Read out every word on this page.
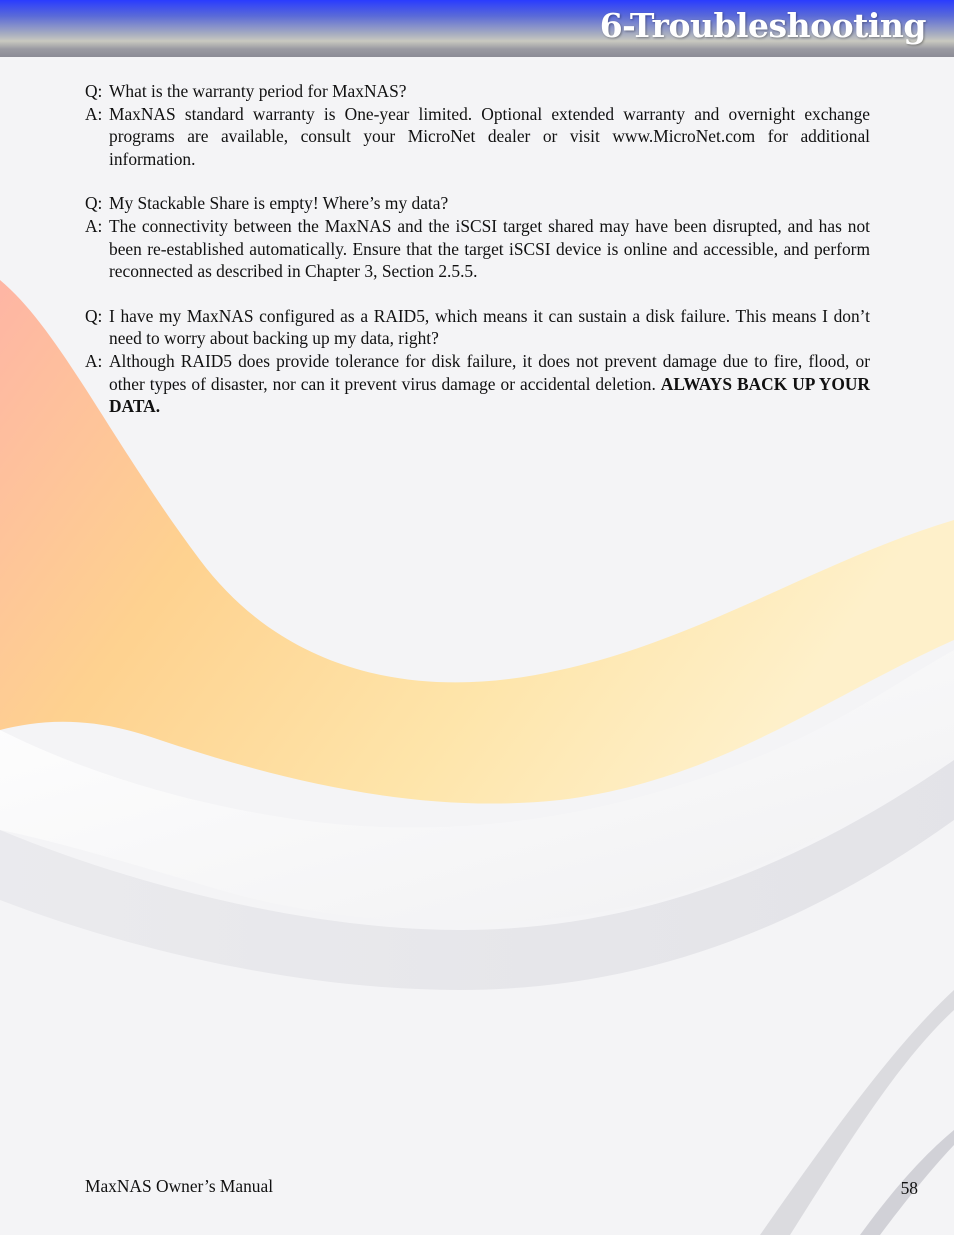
6-Troubleshooting
Q: What is the warranty period for MaxNAS?
A: MaxNAS standard warranty is One-year limited. Optional extended warranty and overnight exchange programs are available, consult your MicroNet dealer or visit www.MicroNet.com for additional information.
Q: My Stackable Share is empty! Where’s my data?
A: The connectivity between the MaxNAS and the iSCSI target shared may have been disrupted, and has not been re-established automatically. Ensure that the target iSCSI device is online and accessible, and perform reconnected as described in Chapter 3, Section 2.5.5.
Q: I have my MaxNAS configured as a RAID5, which means it can sustain a disk failure. This means I don’t need to worry about backing up my data, right?
A: Although RAID5 does provide tolerance for disk failure, it does not prevent damage due to fire, flood, or other types of disaster, nor can it prevent virus damage or accidental deletion. ALWAYS BACK UP YOUR DATA.
MaxNAS Owner’s Manual	58
